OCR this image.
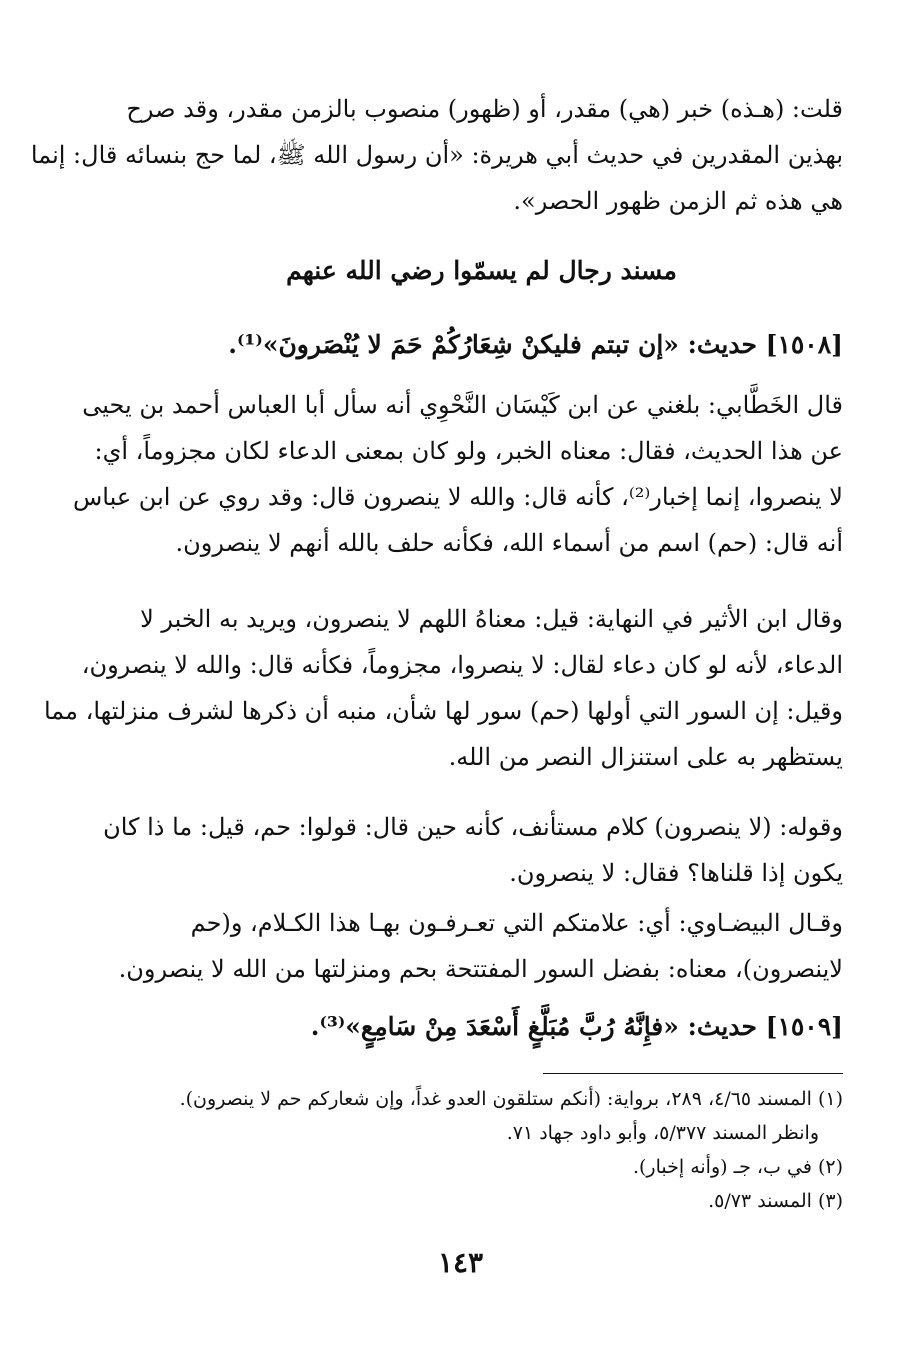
قلت: (هـذه) خبر (هي) مقدر، أو (ظهور) منصوب بالزمن مقدر، وقد صرح
بهذين المقدرين في حديث أبي هريرة: «أن رسول الله ﷺ، لما حج بنسائه قال: إنما
هي هذه ثم الزمن ظهور الحصر».
مسند رجال لم يسمّوا رضي الله عنهم
[١٥٠٨] حديث: «إن تبتم فليكنْ شِعَارُكُمْ حَمَ لا يُنْصَرونَ»⁽¹⁾.
قال الخَطَّابي: بلغني عن ابن كَيْسَان النَّحْوِي أنه سأل أبا العباس أحمد بن يحيى
عن هذا الحديث، فقال: معناه الخبر، ولو كان بمعنى الدعاء لكان مجزوماً، أي:
لا ينصروا، إنما إخبار⁽²⁾، كأنه قال: والله لا ينصرون قال: وقد روي عن ابن عباس
أنه قال: (حم) اسم من أسماء الله، فكأنه حلف بالله أنهم لا ينصرون.
وقال ابن الأثير في النهاية: قيل: معناهُ اللهم لا ينصرون، ويريد به الخبر لا
الدعاء، لأنه لو كان دعاء لقال: لا ينصروا، مجزوماً، فكأنه قال: والله لا ينصرون،
وقيل: إن السور التي أولها (حم) سور لها شأن، منبه أن ذكرها لشرف منزلتها، مما
يستظهر به على استنزال النصر من الله.
وقوله: (لا ينصرون) كلام مستأنف، كأنه حين قال: قولوا: حم، قيل: ما ذا كان
يكون إذا قلناها؟ فقال: لا ينصرون.
وقـال البيضـاوي: أي: علامتكم التي تعـرفـون بهـا هذا الكـلام، و(حم
لاينصرون)، معناه: بفضل السور المفتتحة بحم ومنزلتها من الله لا ينصرون.
[١٥٠٩] حديث: «فإِنَّهُ رُبَّ مُبَلَّغٍ أَسْعَدَ مِنْ سَامِعٍ»⁽³⁾.
(١) المسند ٤/٦٥، ٢٨٩، برواية: (أنكم ستلقون العدو غداً، وإن شعاركم حم لا ينصرون).
وانظر المسند ٥/٣٧٧، وأبو داود جهاد ٧١.
(٢) في ب، جـ (وأنه إخبار).
(٣) المسند ٥/٧٣.
١٤٣
